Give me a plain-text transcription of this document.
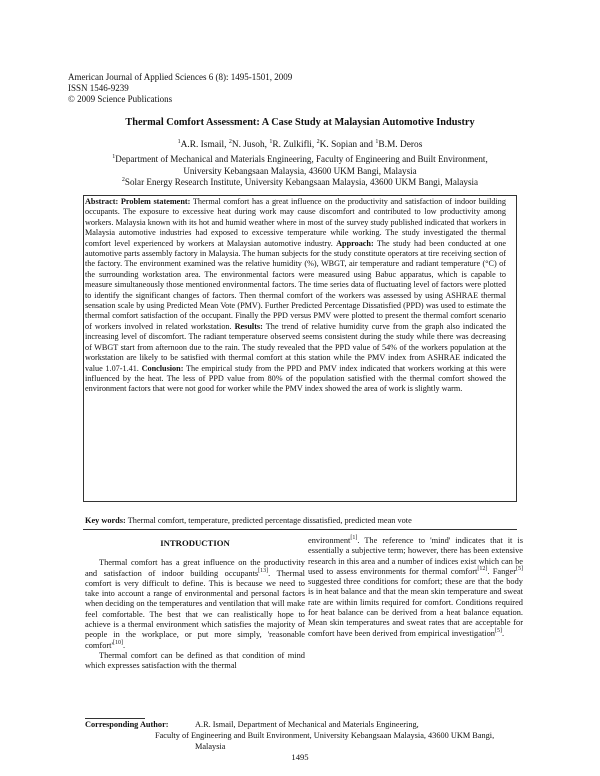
American Journal of Applied Sciences 6 (8): 1495-1501, 2009
ISSN 1546-9239
© 2009 Science Publications
Thermal Comfort Assessment: A Case Study at Malaysian Automotive Industry
$^1$A.R. Ismail, $^2$N. Jusoh, $^1$R. Zulkifli, $^2$K. Sopian and $^1$B.M. Deros
$^1$Department of Mechanical and Materials Engineering, Faculty of Engineering and Built Environment,
University Kebangsaan Malaysia, 43600 UKM Bangi, Malaysia
$^2$Solar Energy Research Institute, University Kebangsaan Malaysia, 43600 UKM Bangi, Malaysia
Abstract: Problem statement: Thermal comfort has a great influence on the productivity and satisfaction of indoor building occupants. The exposure to excessive heat during work may cause discomfort and contributed to low productivity among workers. Malaysia known with its hot and humid weather where in most of the survey study published indicated that workers in Malaysia automotive industries had exposed to excessive temperature while working. The study investigated the thermal comfort level experienced by workers at Malaysian automotive industry. Approach: The study had been conducted at one automotive parts assembly factory in Malaysia. The human subjects for the study constitute operators at tire receiving section of the factory. The environment examined was the relative humidity (%), WBGT, air temperature and radiant temperature (°C) of the surrounding workstation area. The environmental factors were measured using Babuc apparatus, which is capable to measure simultaneously those mentioned environmental factors. The time series data of fluctuating level of factors were plotted to identify the significant changes of factors. Then thermal comfort of the workers was assessed by using ASHRAE thermal sensation scale by using Predicted Mean Vote (PMV). Further Predicted Percentage Dissatisfied (PPD) was used to estimate the thermal comfort satisfaction of the occupant. Finally the PPD versus PMV were plotted to present the thermal comfort scenario of workers involved in related workstation. Results: The trend of relative humidity curve from the graph also indicated the increasing level of discomfort. The radiant temperature observed seems consistent during the study while there was decreasing of WBGT start from afternoon due to the rain. The study revealed that the PPD value of 54% of the workers population at the workstation are likely to be satisfied with thermal comfort at this station while the PMV index from ASHRAE indicated the value 1.07-1.41. Conclusion: The empirical study from the PPD and PMV index indicated that workers working at this were influenced by the heat. The less of PPD value from 80% of the population satisfied with the thermal comfort showed the environment factors that were not good for worker while the PMV index showed the area of work is slightly warm.
Key words: Thermal comfort, temperature, predicted percentage dissatisfied, predicted mean vote
INTRODUCTION

Thermal comfort has a great influence on the productivity and satisfaction of indoor building occupants[13]. Thermal comfort is very difficult to define. This is because we need to take into account a range of environmental and personal factors when deciding on the temperatures and ventilation that will make feel comfortable. The best that we can realistically hope to achieve is a thermal environment which satisfies the majority of people in the workplace, or put more simply, 'reasonable comfort'[10].

Thermal comfort can be defined as that condition of mind which expresses satisfaction with the thermal

environment[1]. The reference to 'mind' indicates that it is essentially a subjective term; however, there has been extensive research in this area and a number of indices exist which can be used to assess environments for thermal comfort[12]. Fanger[5] suggested three conditions for comfort; these are that the body is in heat balance and that the mean skin temperature and sweat rate are within limits required for comfort. Conditions required for heat balance can be derived from a heat balance equation. Mean skin temperatures and sweat rates that are acceptable for comfort have been derived from empirical investigation[5].

Corresponding Author:	A.R. Ismail, Department of Mechanical and Materials Engineering,
Faculty of Engineering and Built Environment, University Kebangsaan Malaysia, 43600 UKM Bangi,
Malaysia
1495
